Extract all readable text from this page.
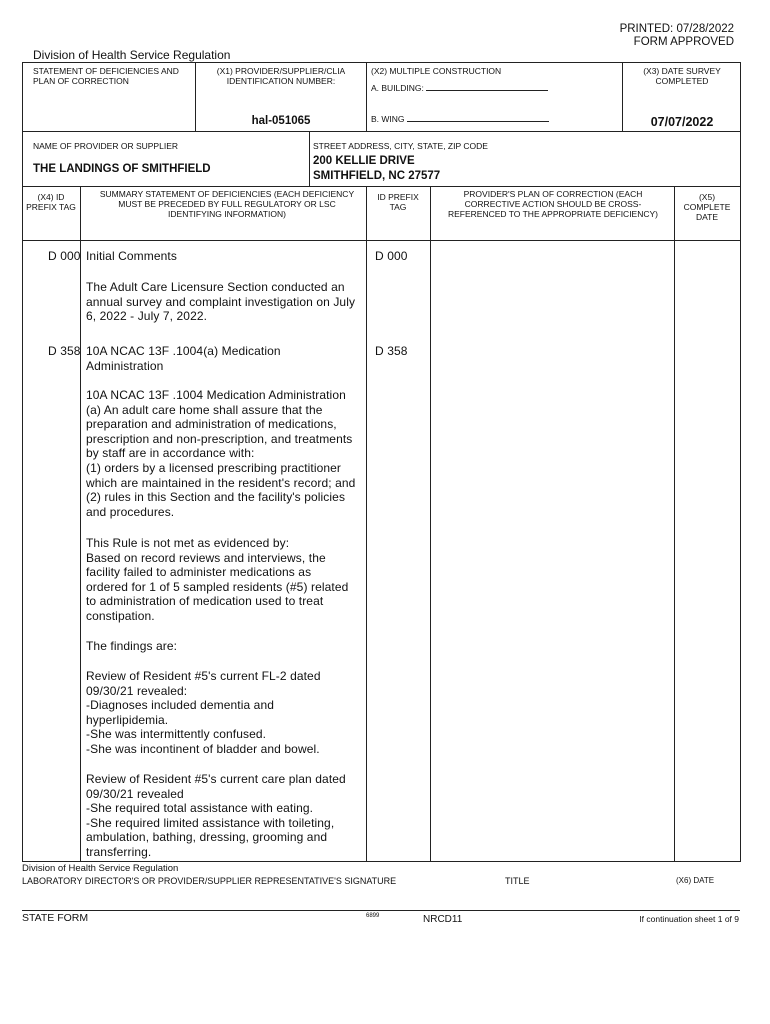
PRINTED: 07/28/2022
FORM APPROVED
Division of Health Service Regulation
STATEMENT OF DEFICIENCIES AND PLAN OF CORRECTION
(X1) PROVIDER/SUPPLIER/CLIA IDENTIFICATION NUMBER:
hal-051065
(X2) MULTIPLE CONSTRUCTION
A. BUILDING:
B. WING
(X3) DATE SURVEY COMPLETED
07/07/2022
NAME OF PROVIDER OR SUPPLIER
THE LANDINGS OF SMITHFIELD
STREET ADDRESS, CITY, STATE, ZIP CODE
200 KELLIE DRIVE
SMITHFIELD, NC 27577
(X4) ID PREFIX TAG
SUMMARY STATEMENT OF DEFICIENCIES (EACH DEFICIENCY MUST BE PRECEDED BY FULL REGULATORY OR LSC IDENTIFYING INFORMATION)
ID PREFIX TAG
PROVIDER'S PLAN OF CORRECTION (EACH CORRECTIVE ACTION SHOULD BE CROSS-REFERENCED TO THE APPROPRIATE DEFICIENCY)
(X5) COMPLETE DATE
D 000 Initial Comments	D 000
The Adult Care Licensure Section conducted an annual survey and complaint investigation on July 6, 2022 - July 7, 2022.
D 358 10A NCAC 13F .1004(a) Medication Administration
D 358
10A NCAC 13F .1004 Medication Administration
(a) An adult care home shall assure that the
preparation and administration of medications,
prescription and non-prescription, and treatments
by staff are in accordance with:
(1) orders by a licensed prescribing practitioner
which are maintained in the resident's record; and
(2) rules in this Section and the facility's policies
and procedures.
This Rule is not met as evidenced by:
Based on record reviews and interviews, the
facility failed to administer medications as
ordered for 1 of 5 sampled residents (#5) related
to administration of medication used to treat
constipation.
The findings are:
Review of Resident #5's current FL-2 dated
09/30/21 revealed:
-Diagnoses included dementia and
hyperlipidemia.
-She was intermittently confused.
-She was incontinent of bladder and bowel.
Review of Resident #5's current care plan dated
09/30/21 revealed
-She required total assistance with eating.
-She required limited assistance with toileting,
ambulation, bathing, dressing, grooming and
transferring.
Division of Health Service Regulation
LABORATORY DIRECTOR'S OR PROVIDER/SUPPLIER REPRESENTATIVE'S SIGNATURE	TITLE	(X6) DATE
STATE FORM	6899	NRCD11	If continuation sheet 1 of 9
